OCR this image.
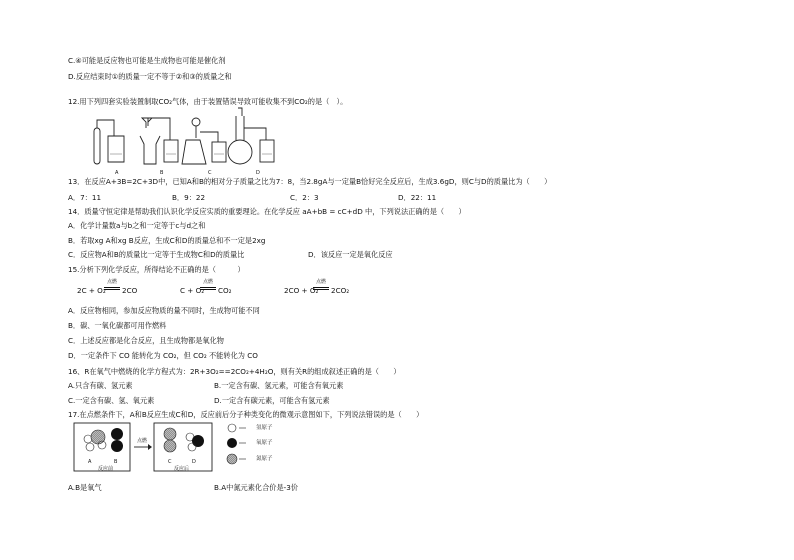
C.④可能是反应物也可能是生成物也可能是催化剂
D.反应结束时①的质量一定不等于②和③的质量之和
12.用下列四套实验装置制取CO₂气体，由于装置错误导致可能收集不到CO₂的是（　）。
A	B	C	D
13．在反应A+3B=2C+3D中，已知A和B的相对分子质量之比为7：8，当2.8gA与一定量B恰好完全反应后，生成3.6gD，则C与D的质量比为（　　）
A．7：11	B．9：22	C．2：3	D．22：11
14．质量守恒定律是帮助我们认识化学反应实质的重要理论。在化学反应 aA+bB = cC+dD 中，下列说法正确的是（　　）
A．化学计量数a与b之和一定等于c与d之和
B．若取xg A和xg B反应，生成C和D的质量总和不一定是2xg
C．反应物A和B的质量比一定等于生成物C和D的质量比	D．该反应一定是氧化反应
15.分析下列化学反应，所得结论不正确的是（　　　）
2C + O₂
点燃
2CO	C + O₂
点燃
CO₂	2CO + O₂
点燃
2CO₂
A．反应物相同，参加反应物质的量不同时，生成物可能不同
B．碳、一氧化碳都可用作燃料
C．上述反应都是化合反应，且生成物都是氧化物
D．一定条件下 CO 能转化为 CO₂，但 CO₂ 不能转化为 CO
16、R在氧气中燃烧的化学方程式为：2R+3O₂==2CO₂+4H₂O，则有关R的组成叙述正确的是（　　）
A.只含有碳、氢元素	B.一定含有碳、氢元素，可能含有氧元素
C.一定含有碳、氢、氧元素	D.一定含有碳元素，可能含有氢元素
17.在点燃条件下，A和B反应生成C和D，反应前后分子种类变化的微观示意图如下，下列说法错误的是（　　）
A	B
点燃
C	D
反应前	反应后
氢原子
氧原子
氮原子
A.B是氧气	B.A中氮元素化合价是-3价
